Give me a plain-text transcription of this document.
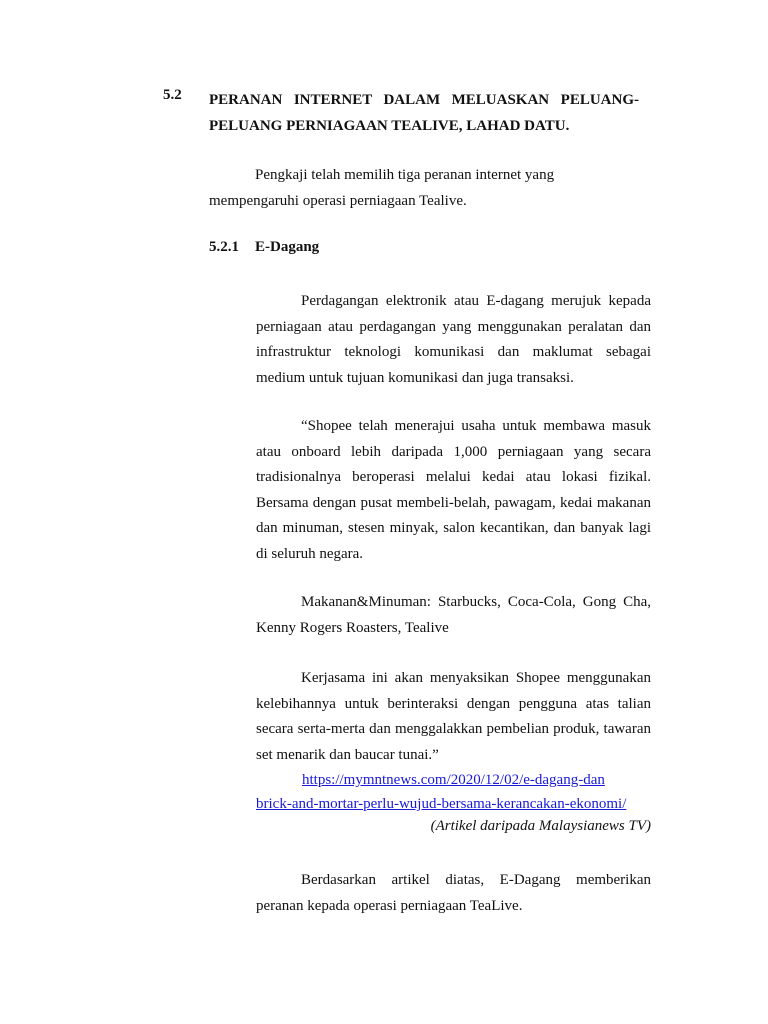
5.2 PERANAN INTERNET DALAM MELUASKAN PELUANG-PELUANG PERNIAGAAN TEALIVE, LAHAD DATU.

Pengkaji telah memilih tiga peranan internet yang mempengaruhi operasi perniagaan Tealive.

5.2.1 E-Dagang

Perdagangan elektronik atau E-dagang merujuk kepada perniagaan atau perdagangan yang menggunakan peralatan dan infrastruktur teknologi komunikasi dan maklumat sebagai medium untuk tujuan komunikasi dan juga transaksi.

“Shopee telah menerajui usaha untuk membawa masuk atau onboard lebih daripada 1,000 perniagaan yang secara tradisionalnya beroperasi melalui kedai atau lokasi fizikal. Bersama dengan pusat membeli-belah, pawagam, kedai makanan dan minuman, stesen minyak, salon kecantikan, dan banyak lagi di seluruh negara.

Makanan&Minuman: Starbucks, Coca-Cola, Gong Cha, Kenny Rogers Roasters, Tealive

Kerjasama ini akan menyaksikan Shopee menggunakan kelebihannya untuk berinteraksi dengan pengguna atas talian secara serta-merta dan menggalakkan pembelian produk, tawaran set menarik dan baucar tunai.”

https://mymntnews.com/2020/12/02/e-dagang-dan
brick-and-mortar-perlu-wujud-bersama-kerancakan-ekonomi/
(Artikel daripada Malaysianews TV)

Berdasarkan artikel diatas, E-Dagang memberikan peranan kepada operasi perniagaan TeaLive.
